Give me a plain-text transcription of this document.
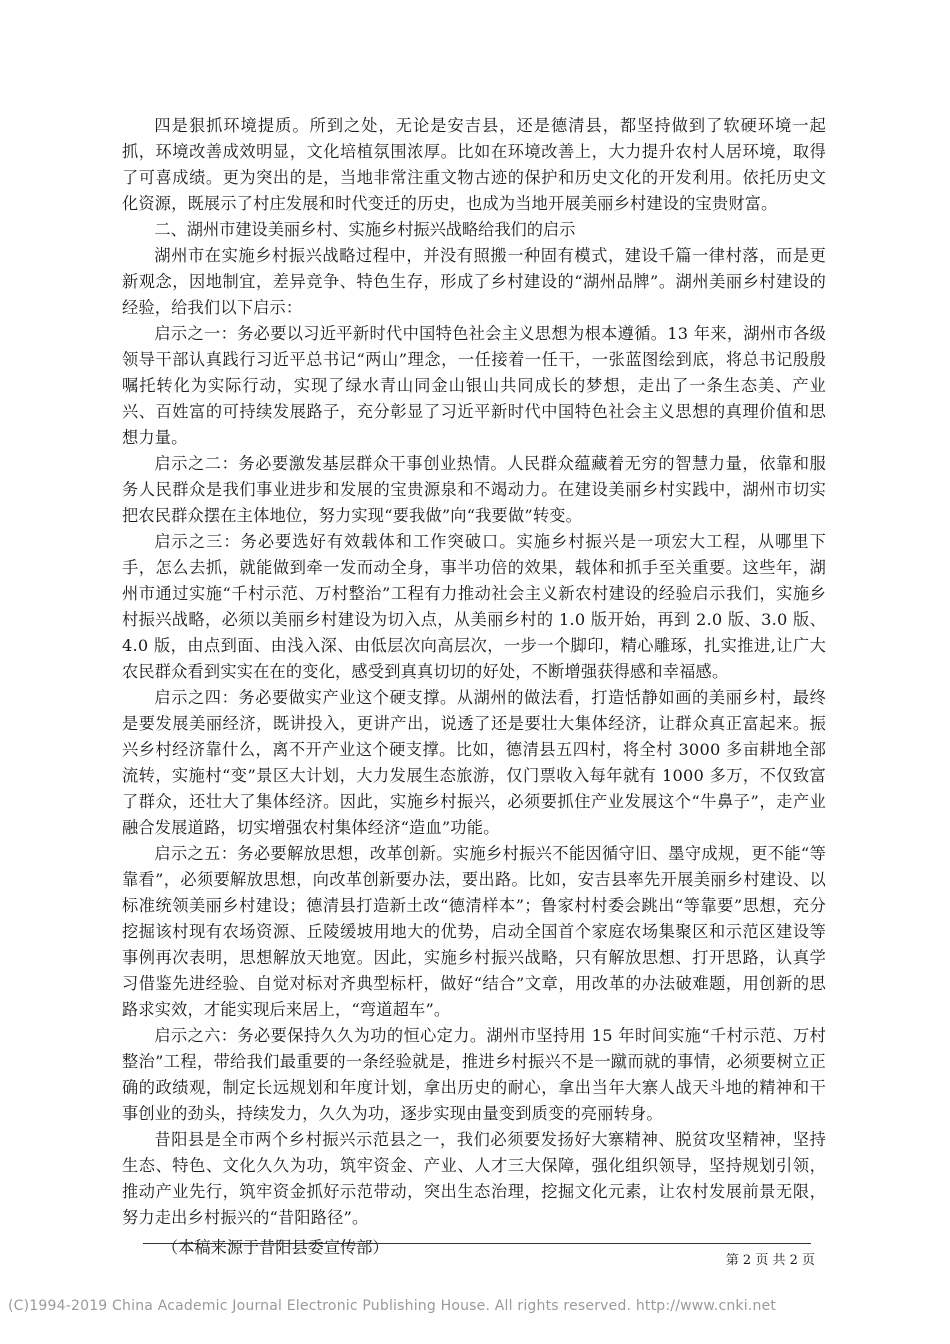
四是狠抓环境提质。所到之处，无论是安吉县，还是德清县，都坚持做到了软硬环境一起抓，环境改善成效明显，文化培植氛围浓厚。比如在环境改善上，大力提升农村人居环境，取得了可喜成绩。更为突出的是，当地非常注重文物古迹的保护和历史文化的开发利用。依托历史文化资源，既展示了村庄发展和时代变迁的历史，也成为当地开展美丽乡村建设的宝贵财富。

二、湖州市建设美丽乡村、实施乡村振兴战略给我们的启示

湖州市在实施乡村振兴战略过程中，并没有照搬一种固有模式，建设千篇一律村落，而是更新观念，因地制宜，差异竞争、特色生存，形成了乡村建设的“湖州品牌”。湖州美丽乡村建设的经验，给我们以下启示：

启示之一：务必要以习近平新时代中国特色社会主义思想为根本遵循。13 年来，湖州市各级领导干部认真践行习近平总书记“两山”理念，一任接着一任干，一张蓝图绘到底，将总书记殷殷嘱托转化为实际行动，实现了绿水青山同金山银山共同成长的梦想，走出了一条生态美、产业兴、百姓富的可持续发展路子，充分彰显了习近平新时代中国特色社会主义思想的真理价值和思想力量。

启示之二：务必要激发基层群众干事创业热情。人民群众蕴藏着无穷的智慧力量，依靠和服务人民群众是我们事业进步和发展的宝贵源泉和不竭动力。在建设美丽乡村实践中，湖州市切实把农民群众摆在主体地位，努力实现“要我做”向“我要做”转变。

启示之三：务必要选好有效载体和工作突破口。实施乡村振兴是一项宏大工程，从哪里下手，怎么去抓，就能做到牵一发而动全身，事半功倍的效果，载体和抓手至关重要。这些年，湖州市通过实施“千村示范、万村整治”工程有力推动社会主义新农村建设的经验启示我们，实施乡村振兴战略，必须以美丽乡村建设为切入点，从美丽乡村的 1.0 版开始，再到 2.0 版、3.0 版、4.0 版，由点到面、由浅入深、由低层次向高层次，一步一个脚印，精心雕琢，扎实推进,让广大农民群众看到实实在在的变化，感受到真真切切的好处，不断增强获得感和幸福感。

启示之四：务必要做实产业这个硬支撑。从湖州的做法看，打造恬静如画的美丽乡村，最终是要发展美丽经济，既讲投入，更讲产出，说透了还是要壮大集体经济，让群众真正富起来。振兴乡村经济靠什么，离不开产业这个硬支撑。比如，德清县五四村，将全村 3000 多亩耕地全部流转，实施村“变”景区大计划，大力发展生态旅游，仅门票收入每年就有 1000 多万，不仅致富了群众，还壮大了集体经济。因此，实施乡村振兴，必须要抓住产业发展这个“牛鼻子”，走产业融合发展道路，切实增强农村集体经济“造血”功能。

启示之五：务必要解放思想，改革创新。实施乡村振兴不能因循守旧、墨守成规，更不能“等靠看”，必须要解放思想，向改革创新要办法，要出路。比如，安吉县率先开展美丽乡村建设、以标准统领美丽乡村建设；德清县打造新土改“德清样本”；鲁家村村委会跳出“等靠要”思想，充分挖掘该村现有农场资源、丘陵缓坡用地大的优势，启动全国首个家庭农场集聚区和示范区建设等事例再次表明，思想解放天地宽。因此，实施乡村振兴战略，只有解放思想、打开思路，认真学习借鉴先进经验、自觉对标对齐典型标杆，做好“结合”文章，用改革的办法破难题，用创新的思路求实效，才能实现后来居上，“弯道超车”。

启示之六：务必要保持久久为功的恒心定力。湖州市坚持用 15 年时间实施“千村示范、万村整治”工程，带给我们最重要的一条经验就是，推进乡村振兴不是一蹴而就的事情，必须要树立正确的政绩观，制定长远规划和年度计划，拿出历史的耐心，拿出当年大寨人战天斗地的精神和干事创业的劲头，持续发力，久久为功，逐步实现由量变到质变的亮丽转身。

昔阳县是全市两个乡村振兴示范县之一，我们必须要发扬好大寨精神、脱贫攻坚精神，坚持生态、特色、文化久久为功，筑牢资金、产业、人才三大保障，强化组织领导，坚持规划引领，推动产业先行，筑牢资金抓好示范带动，突出生态治理，挖掘文化元素，让农村发展前景无限，努力走出乡村振兴的“昔阳路径”。

（本稿来源于昔阳县委宣传部）

第 2 页 共 2 页
(C)1994-2019 China Academic Journal Electronic Publishing House. All rights reserved. http://www.cnki.net
